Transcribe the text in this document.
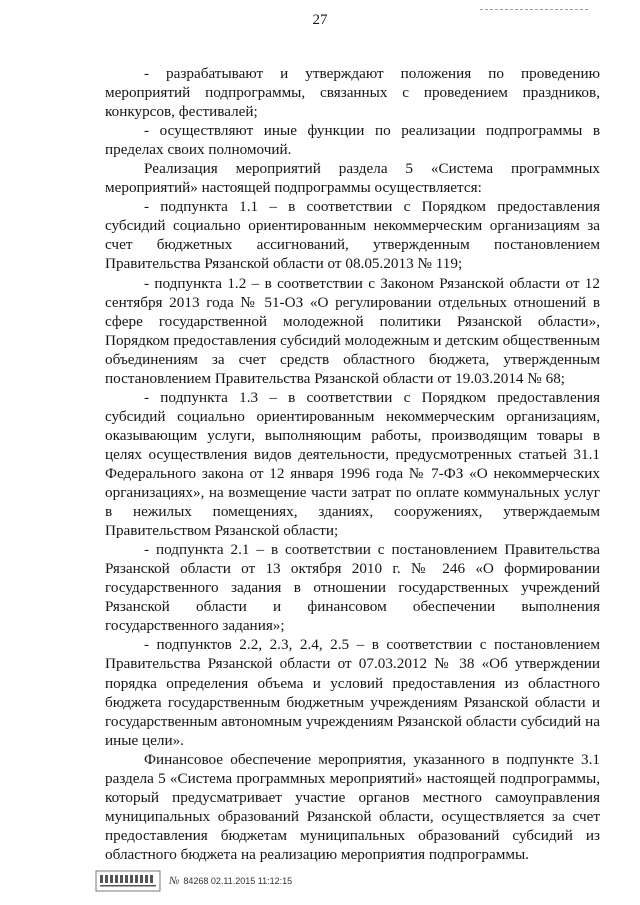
27

- разрабатывают и утверждают положения по проведению мероприятий подпрограммы, связанных с проведением праздников, конкурсов, фестивалей;

- осуществляют иные функции по реализации подпрограммы в пределах своих полномочий.

Реализация мероприятий раздела 5 «Система программных мероприятий» настоящей подпрограммы осуществляется:

- подпункта 1.1 – в соответствии с Порядком предоставления субсидий социально ориентированным некоммерческим организациям за счет бюджетных ассигнований, утвержденным постановлением Правительства Рязанской области от 08.05.2013 № 119;

- подпункта 1.2 – в соответствии с Законом Рязанской области от 12 сентября 2013 года № 51-ОЗ «О регулировании отдельных отношений в сфере государственной молодежной политики Рязанской области», Порядком предоставления субсидий молодежным и детским общественным объединениям за счет средств областного бюджета, утвержденным постановлением Правительства Рязанской области от 19.03.2014 № 68;

- подпункта 1.3 – в соответствии с Порядком предоставления субсидий социально ориентированным некоммерческим организациям, оказывающим услуги, выполняющим работы, производящим товары в целях осуществления видов деятельности, предусмотренных статьей 31.1 Федерального закона от 12 января 1996 года № 7-ФЗ «О некоммерческих организациях», на возмещение части затрат по оплате коммунальных услуг в нежилых помещениях, зданиях, сооружениях, утверждаемым Правительством Рязанской области;

- подпункта 2.1 – в соответствии с постановлением Правительства Рязанской области от 13 октября 2010 г. № 246 «О формировании государственного задания в отношении государственных учреждений Рязанской области и финансовом обеспечении выполнения государственного задания»;

- подпунктов 2.2, 2.3, 2.4, 2.5 – в соответствии с постановлением Правительства Рязанской области от 07.03.2012 № 38 «Об утверждении порядка определения объема и условий предоставления из областного бюджета государственным бюджетным учреждениям Рязанской области и государственным автономным учреждениям Рязанской области субсидий на иные цели».

Финансовое обеспечение мероприятия, указанного в подпункте 3.1 раздела 5 «Система программных мероприятий» настоящей подпрограммы, который предусматривает участие органов местного самоуправления муниципальных образований Рязанской области, осуществляется за счет предоставления бюджетам муниципальных образований субсидий из областного бюджета на реализацию мероприятия подпрограммы.

№ 84268 02.11.2015 11:12:15
